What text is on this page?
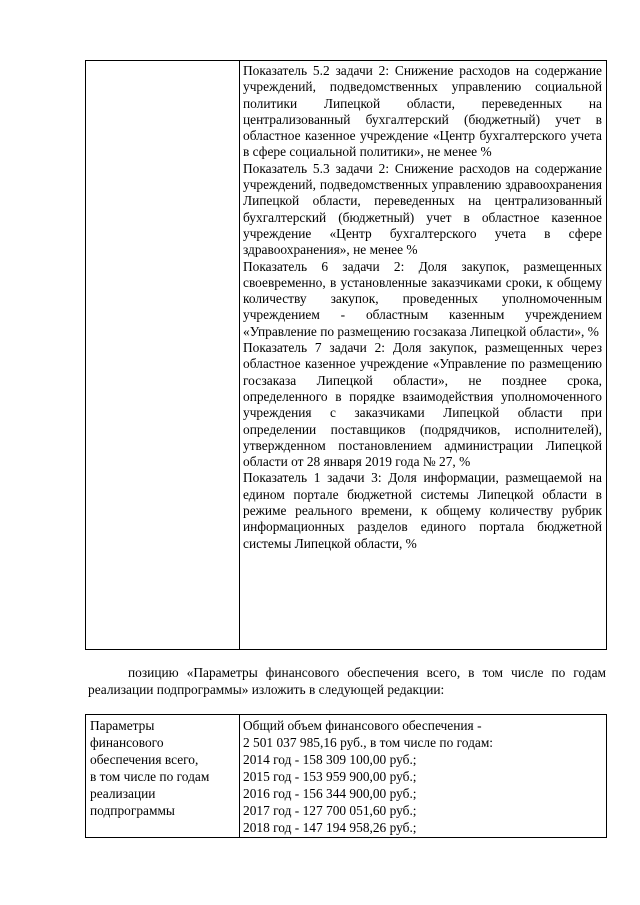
Показатель 5.2 задачи 2: Снижение расходов на содержание учреждений, подведомственных управлению социальной политики Липецкой области, переведенных на централизованный бухгалтерский (бюджетный) учет в областное казенное учреждение «Центр бухгалтерского учета в сфере социальной политики», не менее %

Показатель 5.3 задачи 2: Снижение расходов на содержание учреждений, подведомственных управлению здравоохранения Липецкой области, переведенных на централизованный бухгалтерский (бюджетный) учет в областное казенное учреждение «Центр бухгалтерского учета в сфере здравоохранения», не менее %

Показатель 6 задачи 2: Доля закупок, размещенных своевременно, в установленные заказчиками сроки, к общему количеству закупок, проведенных уполномоченным учреждением - областным казенным учреждением «Управление по размещению госзаказа Липецкой области», %

Показатель 7 задачи 2: Доля закупок, размещенных через областное казенное учреждение «Управление по размещению госзаказа Липецкой области», не позднее срока, определенного в порядке взаимодействия уполномоченного учреждения с заказчиками Липецкой области при определении поставщиков (подрядчиков, исполнителей), утвержденном постановлением администрации Липецкой области от 28 января 2019 года № 27, %

Показатель 1 задачи 3: Доля информации, размещаемой на едином портале бюджетной системы Липецкой области в режиме реального времени, к общему количеству рубрик информационных разделов единого портала бюджетной системы Липецкой области, %

позицию «Параметры финансового обеспечения всего, в том числе по годам реализации подпрограммы» изложить в следующей редакции:

Параметры
финансового
обеспечения всего,
в том числе по годам
реализации
подпрограммы
Общий объем финансового обеспечения -
2 501 037 985,16 руб., в том числе по годам:
2014 год - 158 309 100,00 руб.;
2015 год - 153 959 900,00 руб.;
2016 год - 156 344 900,00 руб.;
2017 год - 127 700 051,60 руб.;
2018 год - 147 194 958,26 руб.;
